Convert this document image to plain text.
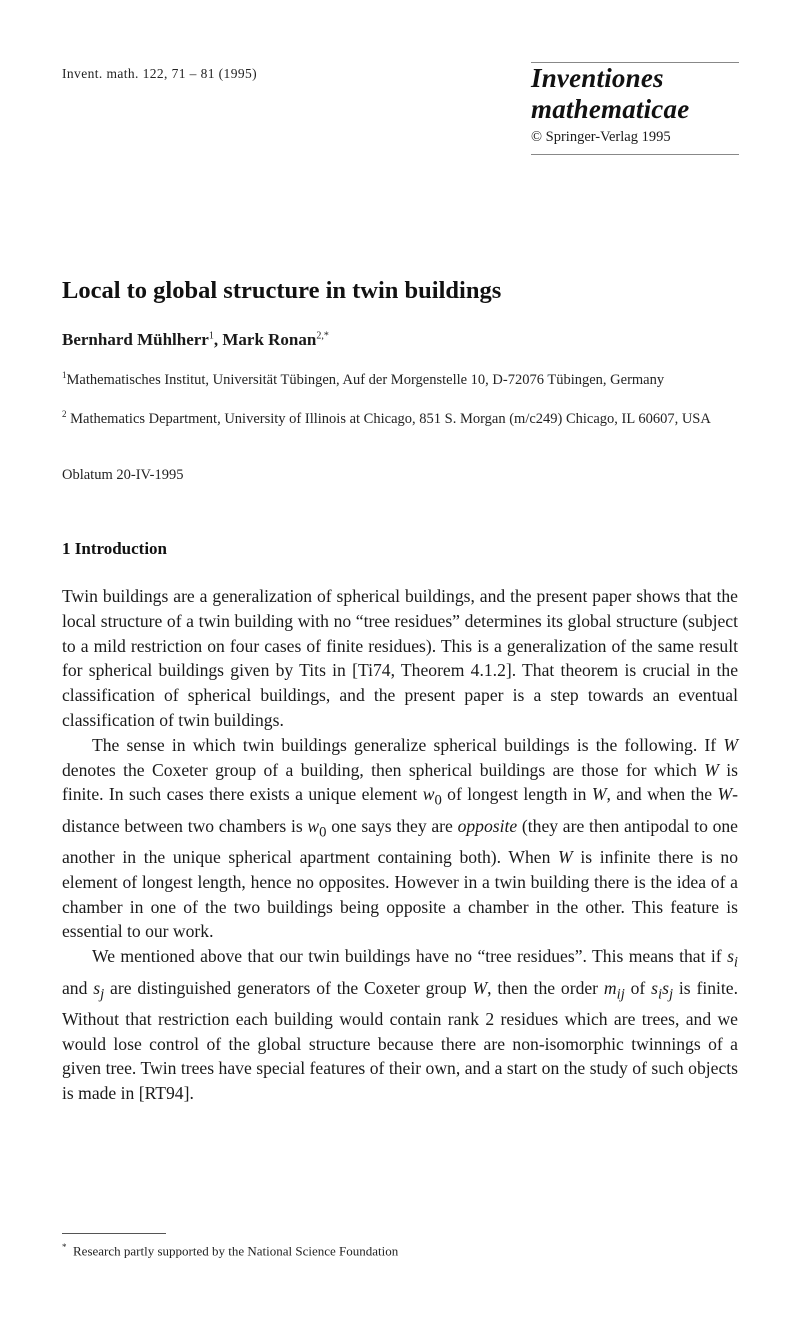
Invent. math. 122, 71 – 81 (1995)	Inventiones
mathematicae
© Springer-Verlag 1995
Local to global structure in twin buildings
Bernhard Mühlherr$^1$, Mark Ronan$^{2,*}$
$^1$Mathematisches Institut, Universität Tübingen, Auf der Morgenstelle 10, D-72076 Tübingen, Germany
$^2$ Mathematics Department, University of Illinois at Chicago, 851 S. Morgan (m/c249) Chicago, IL 60607, USA
Oblatum 20-IV-1995
1 Introduction

Twin buildings are a generalization of spherical buildings, and the present paper shows that the local structure of a twin building with no “tree residues” determines its global structure (subject to a mild restriction on four cases of finite residues). This is a generalization of the same result for spherical buildings given by Tits in [Ti74, Theorem 4.1.2]. That theorem is crucial in the classification of spherical buildings, and the present paper is a step towards an eventual classification of twin buildings.

The sense in which twin buildings generalize spherical buildings is the following. If W denotes the Coxeter group of a building, then spherical buildings are those for which W is finite. In such cases there exists a unique element $w_0$ of longest length in W, and when the W-distance between two chambers is $w_0$ one says they are opposite (they are then antipodal to one another in the unique spherical apartment containing both). When W is infinite there is no element of longest length, hence no opposites. However in a twin building there is the idea of a chamber in one of the two buildings being opposite a chamber in the other. This feature is essential to our work.

We mentioned above that our twin buildings have no “tree residues”. This means that if $s_i$ and $s_j$ are distinguished generators of the Coxeter group W, then the order $m_{ij}$ of $s_is_j$ is finite. Without that restriction each building would contain rank 2 residues which are trees, and we would lose control of the global structure because there are non-isomorphic twinnings of a given tree. Twin trees have special features of their own, and a start on the study of such objects is made in [RT94].

* Research partly supported by the National Science Foundation
